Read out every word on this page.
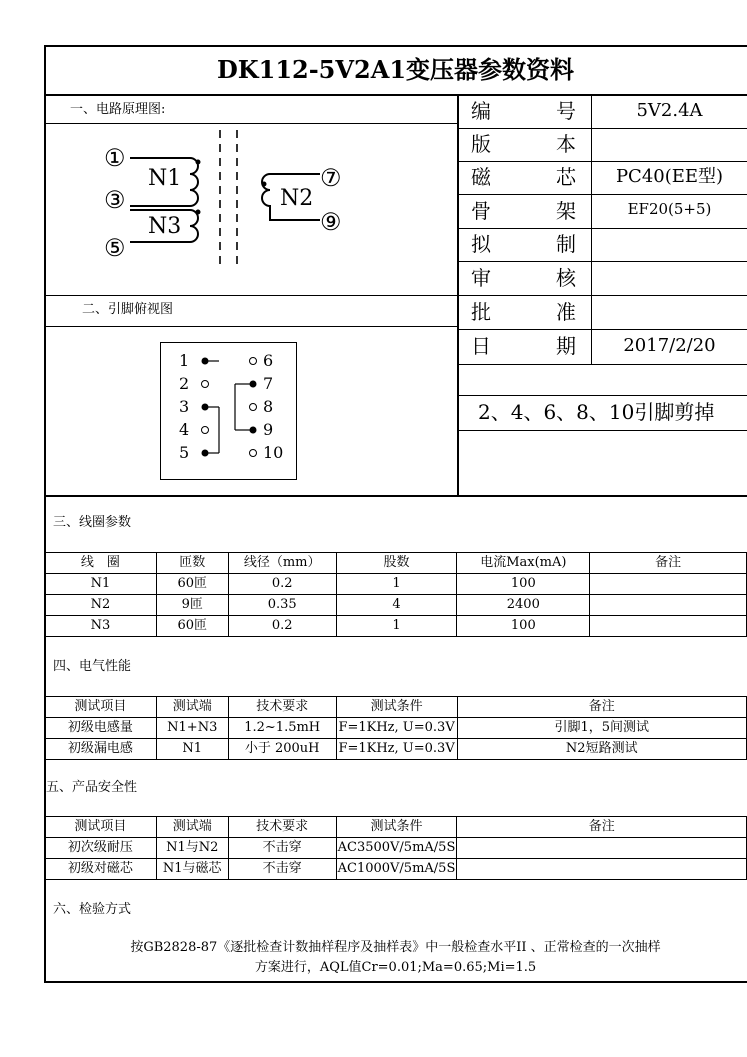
DK112-5V2A1变压器参数资料
一、电路原理图:
二、引脚俯视图
编	号	5V2.4A
版	本
磁	芯	PC40(EE型)
骨	架	EF20(5+5)
拟	制
审	核
批	准
日	期	2017/2/20
2、4、6、8、10引脚剪掉
①
③
⑤
⑦
⑨
N1
N3
N2
1
2
3
4
5
6
7
8
9
10
三、线圈参数
线　圈	匝数	线径（mm）	股数	电流Max(mA)	备注
N1	60匝	0.2	1	100	
N2	9匝	0.35	4	2400	
N3	60匝	0.2	1	100	
四、电气性能
测试项目	测试端	技术要求	测试条件	备注
初级电感量	N1+N3	1.2~1.5mH	F=1KHz, U=0.3V	引脚1，5间测试
初级漏电感	N1	小于 200uH	F=1KHz, U=0.3V	N2短路测试
五、产品安全性
测试项目	测试端	技术要求	测试条件	备注
初次级耐压	N1与N2	不击穿	AC3500V/5mA/5S	
初级对磁芯	N1与磁芯	不击穿	AC1000V/5mA/5S	
六、检验方式
按GB2828-87《逐批检查计数抽样程序及抽样表》中一般检查水平II 、正常检查的一次抽样
方案进行，AQL值Cr=0.01;Ma=0.65;Mi=1.5
